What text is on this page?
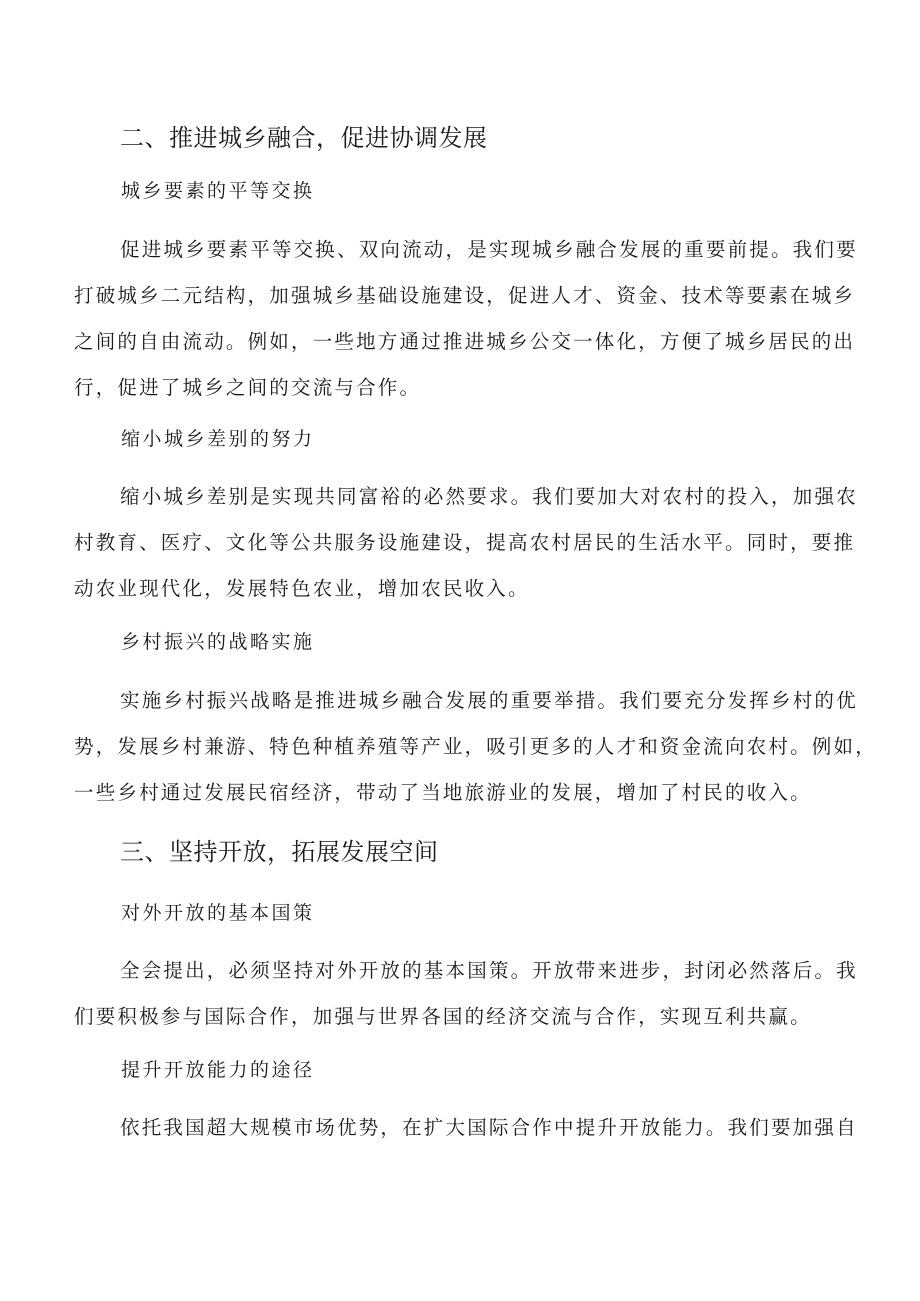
二、推进城乡融合，促进协调发展
城乡要素的平等交换
促进城乡要素平等交换、双向流动，是实现城乡融合发展的重要前提。我们要
打破城乡二元结构，加强城乡基础设施建设，促进人才、资金、技术等要素在城乡
之间的自由流动。例如，一些地方通过推进城乡公交一体化，方便了城乡居民的出
行，促进了城乡之间的交流与合作。
缩小城乡差别的努力
缩小城乡差别是实现共同富裕的必然要求。我们要加大对农村的投入，加强农
村教育、医疗、文化等公共服务设施建设，提高农村居民的生活水平。同时，要推
动农业现代化，发展特色农业，增加农民收入。
乡村振兴的战略实施
实施乡村振兴战略是推进城乡融合发展的重要举措。我们要充分发挥乡村的优
势，发展乡村兼游、特色种植养殖等产业，吸引更多的人才和资金流向农村。例如，
一些乡村通过发展民宿经济，带动了当地旅游业的发展，增加了村民的收入。
三、坚持开放，拓展发展空间
对外开放的基本国策
全会提出，必须坚持对外开放的基本国策。开放带来进步，封闭必然落后。我
们要积极参与国际合作，加强与世界各国的经济交流与合作，实现互利共赢。
提升开放能力的途径
依托我国超大规模市场优势，在扩大国际合作中提升开放能力。我们要加强自
